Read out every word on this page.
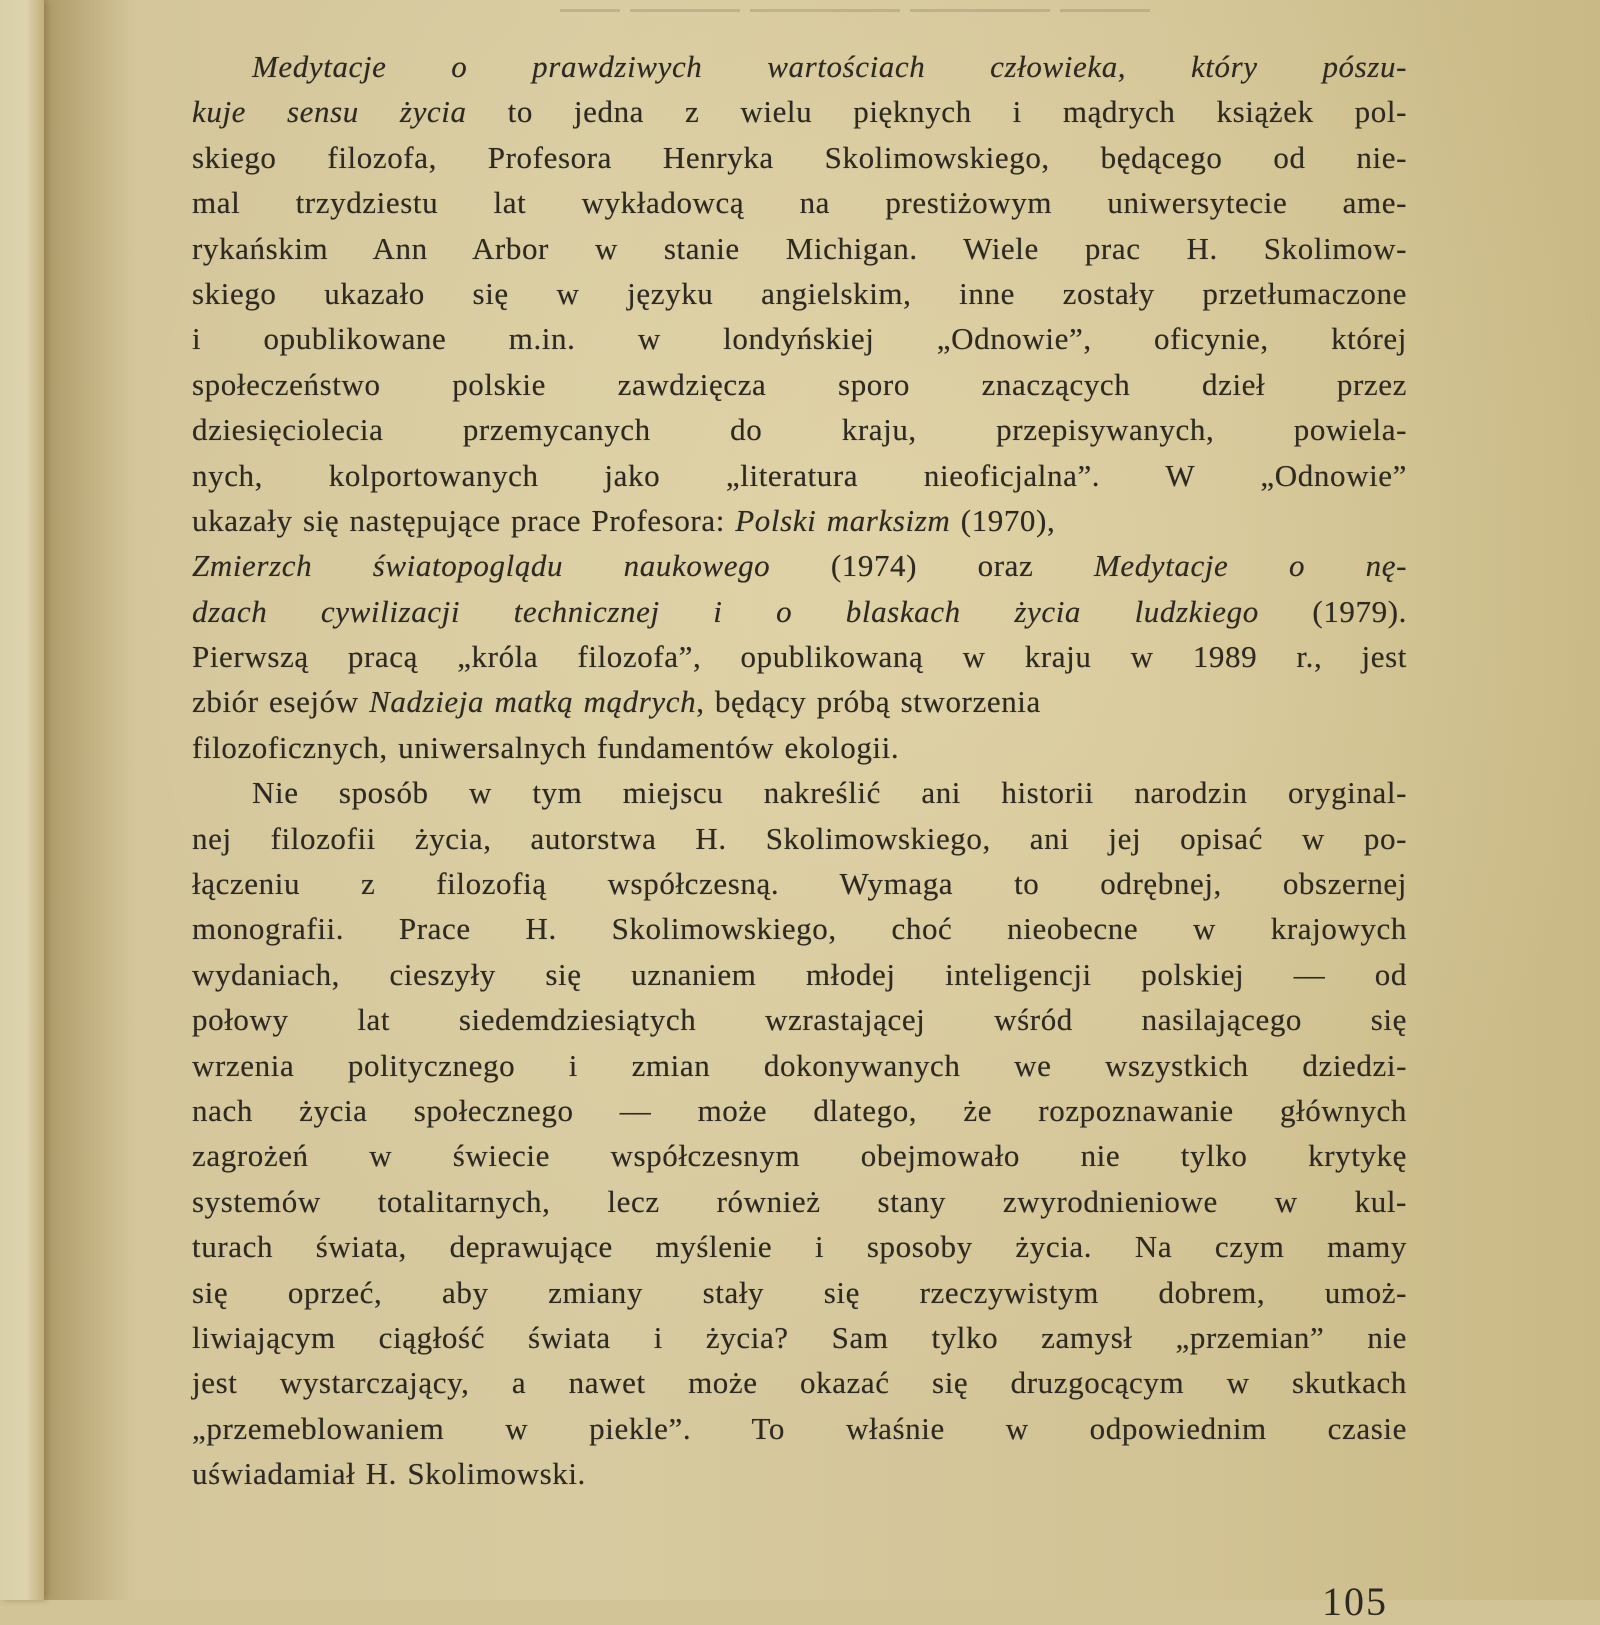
Medytacje o prawdziwych wartościach człowieka, który pószu-
kuje sensu życia to jedna z wielu pięknych i mądrych książek pol-
skiego filozofa, Profesora Henryka Skolimowskiego, będącego od nie-
mal trzydziestu lat wykładowcą na prestiżowym uniwersytecie ame-
rykańskim Ann Arbor w stanie Michigan. Wiele prac H. Skolimow-
skiego ukazało się w języku angielskim, inne zostały przetłumaczone
i opublikowane m.in. w londyńskiej „Odnowie”, oficynie, której
społeczeństwo polskie zawdzięcza sporo znaczących dzieł przez
dziesięciolecia przemycanych do kraju, przepisywanych, powiela-
nych, kolportowanych jako „literatura nieoficjalna”. W „Odnowie”
ukazały się następujące prace Profesora: Polski marksizm (1970),
Zmierzch światopoglądu naukowego (1974) oraz Medytacje o nę-
dzach cywilizacji technicznej i o blaskach życia ludzkiego (1979).
Pierwszą pracą „króla filozofa”, opublikowaną w kraju w 1989 r., jest
zbiór esejów Nadzieja matką mądrych, będący próbą stworzenia
filozoficznych, uniwersalnych fundamentów ekologii.
Nie sposób w tym miejscu nakreślić ani historii narodzin oryginal-
nej filozofii życia, autorstwa H. Skolimowskiego, ani jej opisać w po-
łączeniu z filozofią współczesną. Wymaga to odrębnej, obszernej
monografii. Prace H. Skolimowskiego, choć nieobecne w krajowych
wydaniach, cieszyły się uznaniem młodej inteligencji polskiej — od
połowy lat siedemdziesiątych wzrastającej wśród nasilającego się
wrzenia politycznego i zmian dokonywanych we wszystkich dziedzi-
nach życia społecznego — może dlatego, że rozpoznawanie głównych
zagrożeń w świecie współczesnym obejmowało nie tylko krytykę
systemów totalitarnych, lecz również stany zwyrodnieniowe w kul-
turach świata, deprawujące myślenie i sposoby życia. Na czym mamy
się oprzeć, aby zmiany stały się rzeczywistym dobrem, umoż-
liwiającym ciągłość świata i życia? Sam tylko zamysł „przemian” nie
jest wystarczający, a nawet może okazać się druzgocącym w skutkach
„przemeblowaniem w piekle”. To właśnie w odpowiednim czasie
uświadamiał H. Skolimowski.
105
